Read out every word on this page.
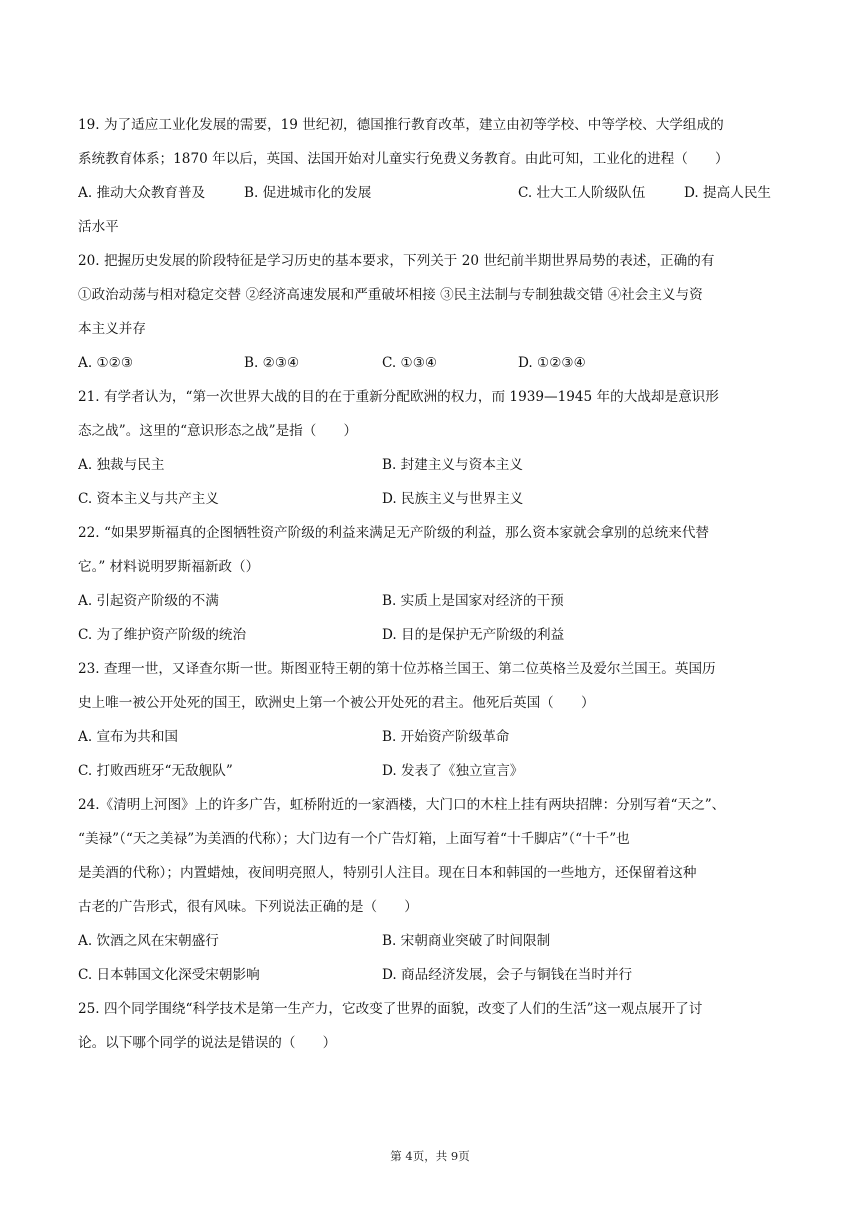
19. 为了适应工业化发展的需要，19 世纪初，德国推行教育改革，建立由初等学校、中等学校、大学组成的
系统教育体系；1870 年以后，英国、法国开始对儿童实行免费义务教育。由此可知，工业化的进程（　　）
A. 推动大众教育普及	B. 促进城市化的发展	C. 壮大工人阶级队伍	D. 提高人民生
活水平
20. 把握历史发展的阶段特征是学习历史的基本要求，下列关于 20 世纪前半期世界局势的表述，正确的有
①政治动荡与相对稳定交替 ②经济高速发展和严重破坏相接 ③民主法制与专制独裁交错 ④社会主义与资
本主义并存
A. ①②③	B. ②③④	C. ①③④	D. ①②③④
21. 有学者认为，“第一次世界大战的目的在于重新分配欧洲的权力，而 1939—1945 年的大战却是意识形
态之战”。这里的“意识形态之战”是指（　　）
A. 独裁与民主	B. 封建主义与资本主义
C. 资本主义与共产主义	D. 民族主义与世界主义
22. “如果罗斯福真的企图牺牲资产阶级的利益来满足无产阶级的利益，那么资本家就会拿别的总统来代替
它。” 材料说明罗斯福新政（）
A. 引起资产阶级的不满	B. 实质上是国家对经济的干预
C. 为了维护资产阶级的统治	D. 目的是保护无产阶级的利益
23. 查理一世，又译查尔斯一世。斯图亚特王朝的第十位苏格兰国王、第二位英格兰及爱尔兰国王。英国历
史上唯一被公开处死的国王，欧洲史上第一个被公开处死的君主。他死后英国（　　）
A. 宣布为共和国	B. 开始资产阶级革命
C. 打败西班牙“无敌舰队”	D. 发表了《独立宣言》
24.《清明上河图》上的许多广告，虹桥附近的一家酒楼，大门口的木柱上挂有两块招牌：分别写着“天之”、
“美禄”（“天之美禄”为美酒的代称）；大门边有一个广告灯箱，上面写着“十千脚店”（“十千”也
是美酒的代称）；内置蜡烛，夜间明亮照人，特别引人注目。现在日本和韩国的一些地方，还保留着这种
古老的广告形式，很有风味。下列说法正确的是（　　）
A. 饮酒之风在宋朝盛行	B. 宋朝商业突破了时间限制
C. 日本韩国文化深受宋朝影响	D. 商品经济发展，会子与铜钱在当时并行
25. 四个同学围绕“科学技术是第一生产力，它改变了世界的面貌，改变了人们的生活”这一观点展开了讨
论。以下哪个同学的说法是错误的（　　）
第 4页，共 9页
